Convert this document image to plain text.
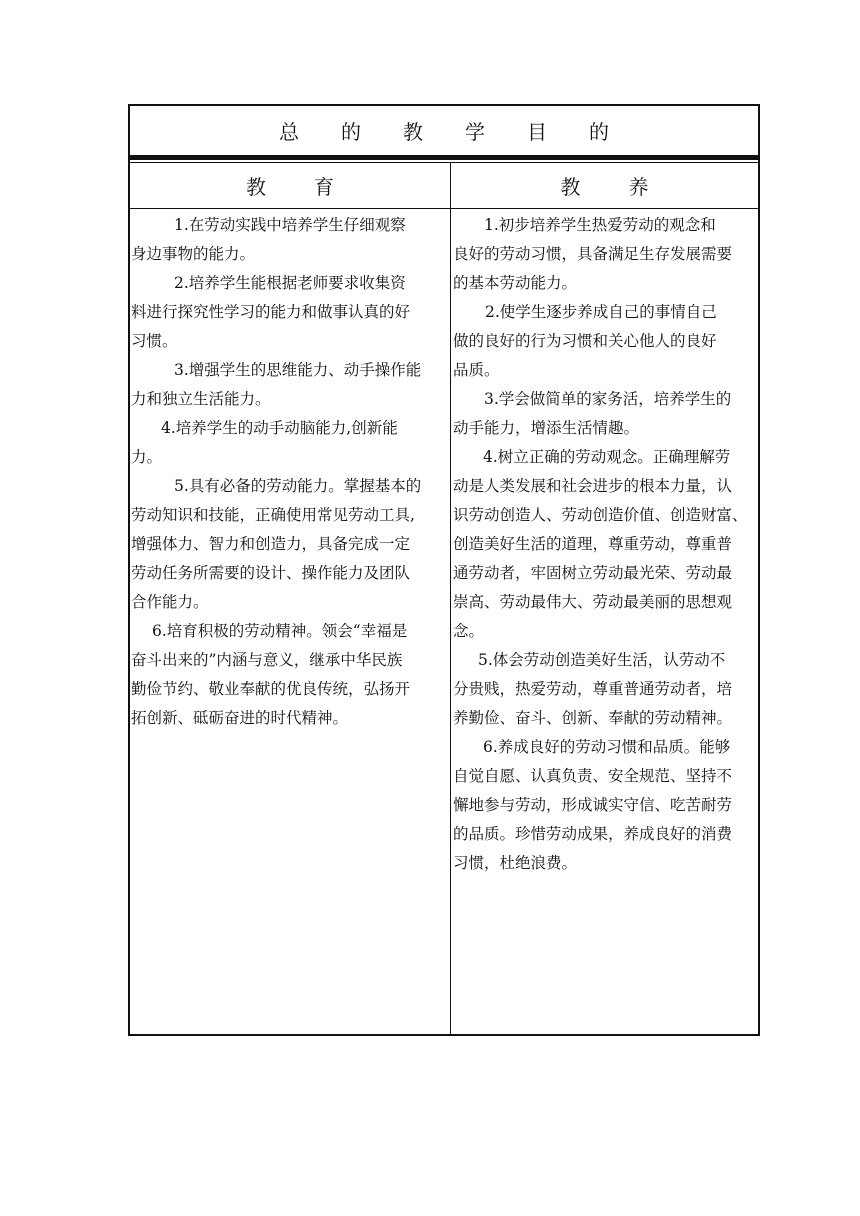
总的教学目的
教育	教养
1.在劳动实践中培养学生仔细观察
身边事物的能力。
2.培养学生能根据老师要求收集资
料进行探究性学习的能力和做事认真的好
习惯。
3.增强学生的思维能力、动手操作能
力和独立生活能力。
4.培养学生的动手动脑能力,创新能
力。
5.具有必备的劳动能力。掌握基本的
劳动知识和技能，正确使用常见劳动工具,
增强体力、智力和创造力，具备完成一定
劳动任务所需要的设计、操作能力及团队
合作能力。
6.培育积极的劳动精神。领会“幸福是
奋斗出来的”内涵与意义，继承中华民族
勤俭节约、敬业奉献的优良传统，弘扬开
拓创新、砥砺奋进的时代精神。
1.初步培养学生热爱劳动的观念和
良好的劳动习惯，具备满足生存发展需要
的基本劳动能力。
2.使学生逐步养成自己的事情自己
做的良好的行为习惯和关心他人的良好
品质。
3.学会做简单的家务活，培养学生的
动手能力，增添生活情趣。
4.树立正确的劳动观念。正确理解劳
动是人类发展和社会进步的根本力量，认
识劳动创造人、劳动创造价值、创造财富、
创造美好生活的道理，尊重劳动，尊重普
通劳动者，牢固树立劳动最光荣、劳动最
崇高、劳动最伟大、劳动最美丽的思想观
念。
5.体会劳动创造美好生活，认劳动不
分贵贱，热爱劳动，尊重普通劳动者，培
养勤俭、奋斗、创新、奉献的劳动精神。
6.养成良好的劳动习惯和品质。能够
自觉自愿、认真负责、安全规范、坚持不
懈地参与劳动，形成诚实守信、吃苦耐劳
的品质。珍惜劳动成果，养成良好的消费
习惯，杜绝浪费。
